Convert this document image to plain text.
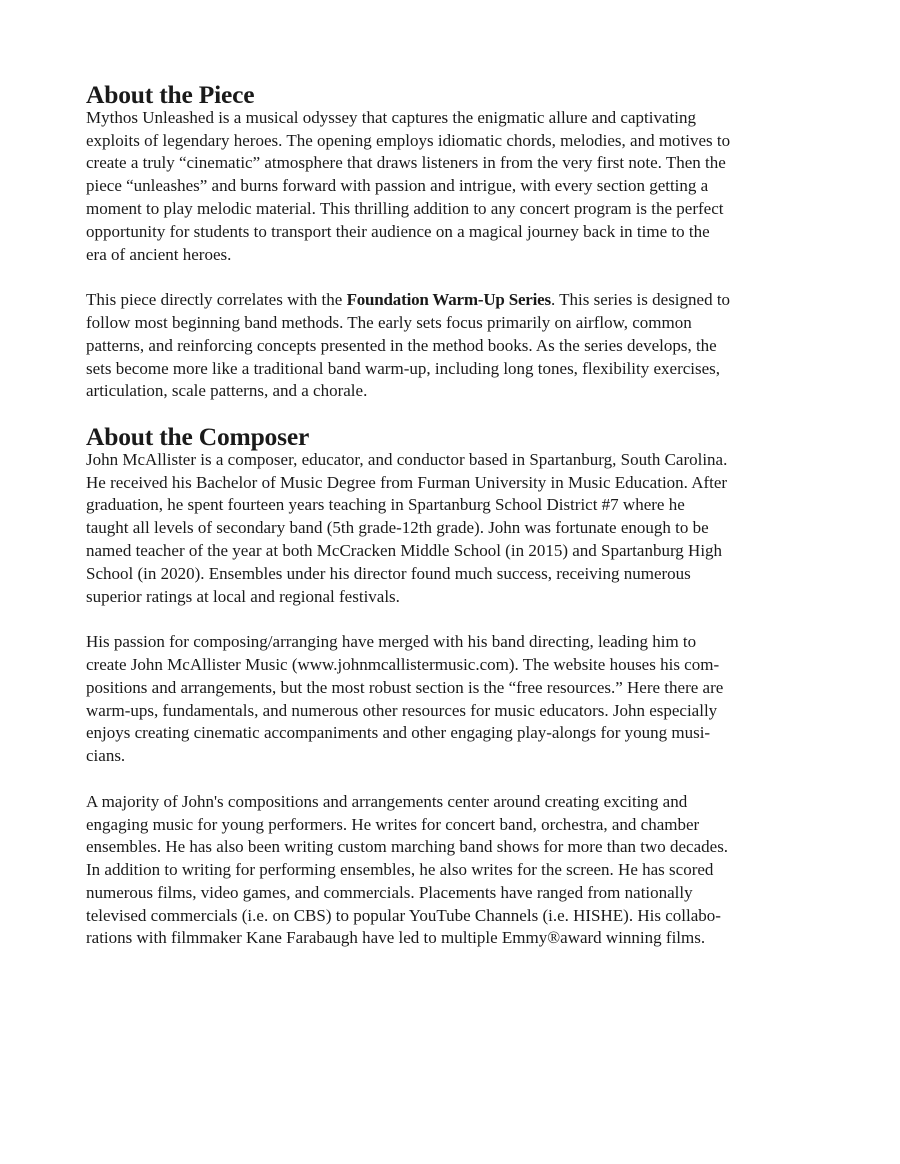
About the Piece

Mythos Unleashed is a musical odyssey that captures the enigmatic allure and captivating
exploits of legendary heroes. The opening employs idiomatic chords, melodies, and motives to
create a truly “cinematic” atmosphere that draws listeners in from the very first note. Then the
piece “unleashes” and burns forward with passion and intrigue, with every section getting a
moment to play melodic material. This thrilling addition to any concert program is the perfect
opportunity for students to transport their audience on a magical journey back in time to the
era of ancient heroes.

This piece directly correlates with the Foundation Warm-Up Series. This series is designed to
follow most beginning band methods. The early sets focus primarily on airflow, common
patterns, and reinforcing concepts presented in the method books. As the series develops, the
sets become more like a traditional band warm-up, including long tones, flexibility exercises,
articulation, scale patterns, and a chorale.

About the Composer

John McAllister is a composer, educator, and conductor based in Spartanburg, South Carolina.
He received his Bachelor of Music Degree from Furman University in Music Education. After
graduation, he spent fourteen years teaching in Spartanburg School District #7 where he
taught all levels of secondary band (5th grade-12th grade). John was fortunate enough to be
named teacher of the year at both McCracken Middle School (in 2015) and Spartanburg High
School (in 2020). Ensembles under his director found much success, receiving numerous
superior ratings at local and regional festivals.

His passion for composing/arranging have merged with his band directing, leading him to
create John McAllister Music (www.johnmcallistermusic.com). The website houses his com-
positions and arrangements, but the most robust section is the “free resources.” Here there are
warm-ups, fundamentals, and numerous other resources for music educators. John especially
enjoys creating cinematic accompaniments and other engaging play-alongs for young musi-
cians.

A majority of John's compositions and arrangements center around creating exciting and
engaging music for young performers. He writes for concert band, orchestra, and chamber
ensembles. He has also been writing custom marching band shows for more than two decades.
In addition to writing for performing ensembles, he also writes for the screen. He has scored
numerous films, video games, and commercials. Placements have ranged from nationally
televised commercials (i.e. on CBS) to popular YouTube Channels (i.e. HISHE). His collabo-
rations with filmmaker Kane Farabaugh have led to multiple Emmy®award winning films.
